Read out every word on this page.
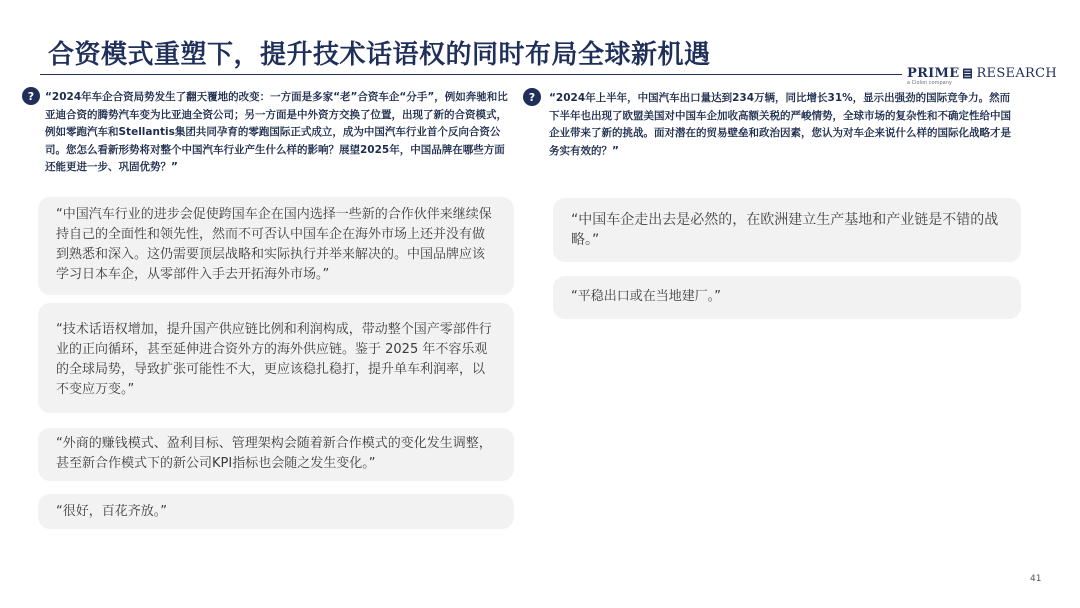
合资模式重塑下，提升技术话语权的同时布局全球新机遇
PRIME RESEARCH
a Ciolon company
?	“2024年车企合资局势发生了翻天覆地的改变：一方面是多家“老”合资车企“分手”，例如奔驰和比亚迪合资的腾势汽车变为比亚迪全资公司；另一方面是中外资方交换了位置，出现了新的合资模式，例如零跑汽车和Stellantis集团共同孕育的零跑国际正式成立，成为中国汽车行业首个反向合资公司。您怎么看新形势将对整个中国汽车行业产生什么样的影响？展望2025年，中国品牌在哪些方面还能更进一步、巩固优势？”

“中国汽车行业的进步会促使跨国车企在国内选择一些新的合作伙伴来继续保持自己的全面性和领先性，然而不可否认中国车企在海外市场上还并没有做到熟悉和深入。这仍需要顶层战略和实际执行并举来解决的。中国品牌应该学习日本车企，从零部件入手去开拓海外市场。”

“技术话语权增加，提升国产供应链比例和利润构成，带动整个国产零部件行业的正向循环，甚至延伸进合资外方的海外供应链。鉴于 2025 年不容乐观的全球局势，导致扩张可能性不大，更应该稳扎稳打，提升单车利润率，以不变应万变。”

“外商的赚钱模式、盈利目标、管理架构会随着新合作模式的变化发生调整，甚至新合作模式下的新公司KPI指标也会随之发生变化。”

“很好，百花齐放。”

?	“2024年上半年，中国汽车出口量达到234万辆，同比增长31%，显示出强劲的国际竞争力。然而下半年也出现了欧盟美国对中国车企加收高额关税的严峻情势，全球市场的复杂性和不确定性给中国企业带来了新的挑战。面对潜在的贸易壁垒和政治因素，您认为对车企来说什么样的国际化战略才是务实有效的？”

“中国车企走出去是必然的，在欧洲建立生产基地和产业链是不错的战略。”

“平稳出口或在当地建厂。”

41
